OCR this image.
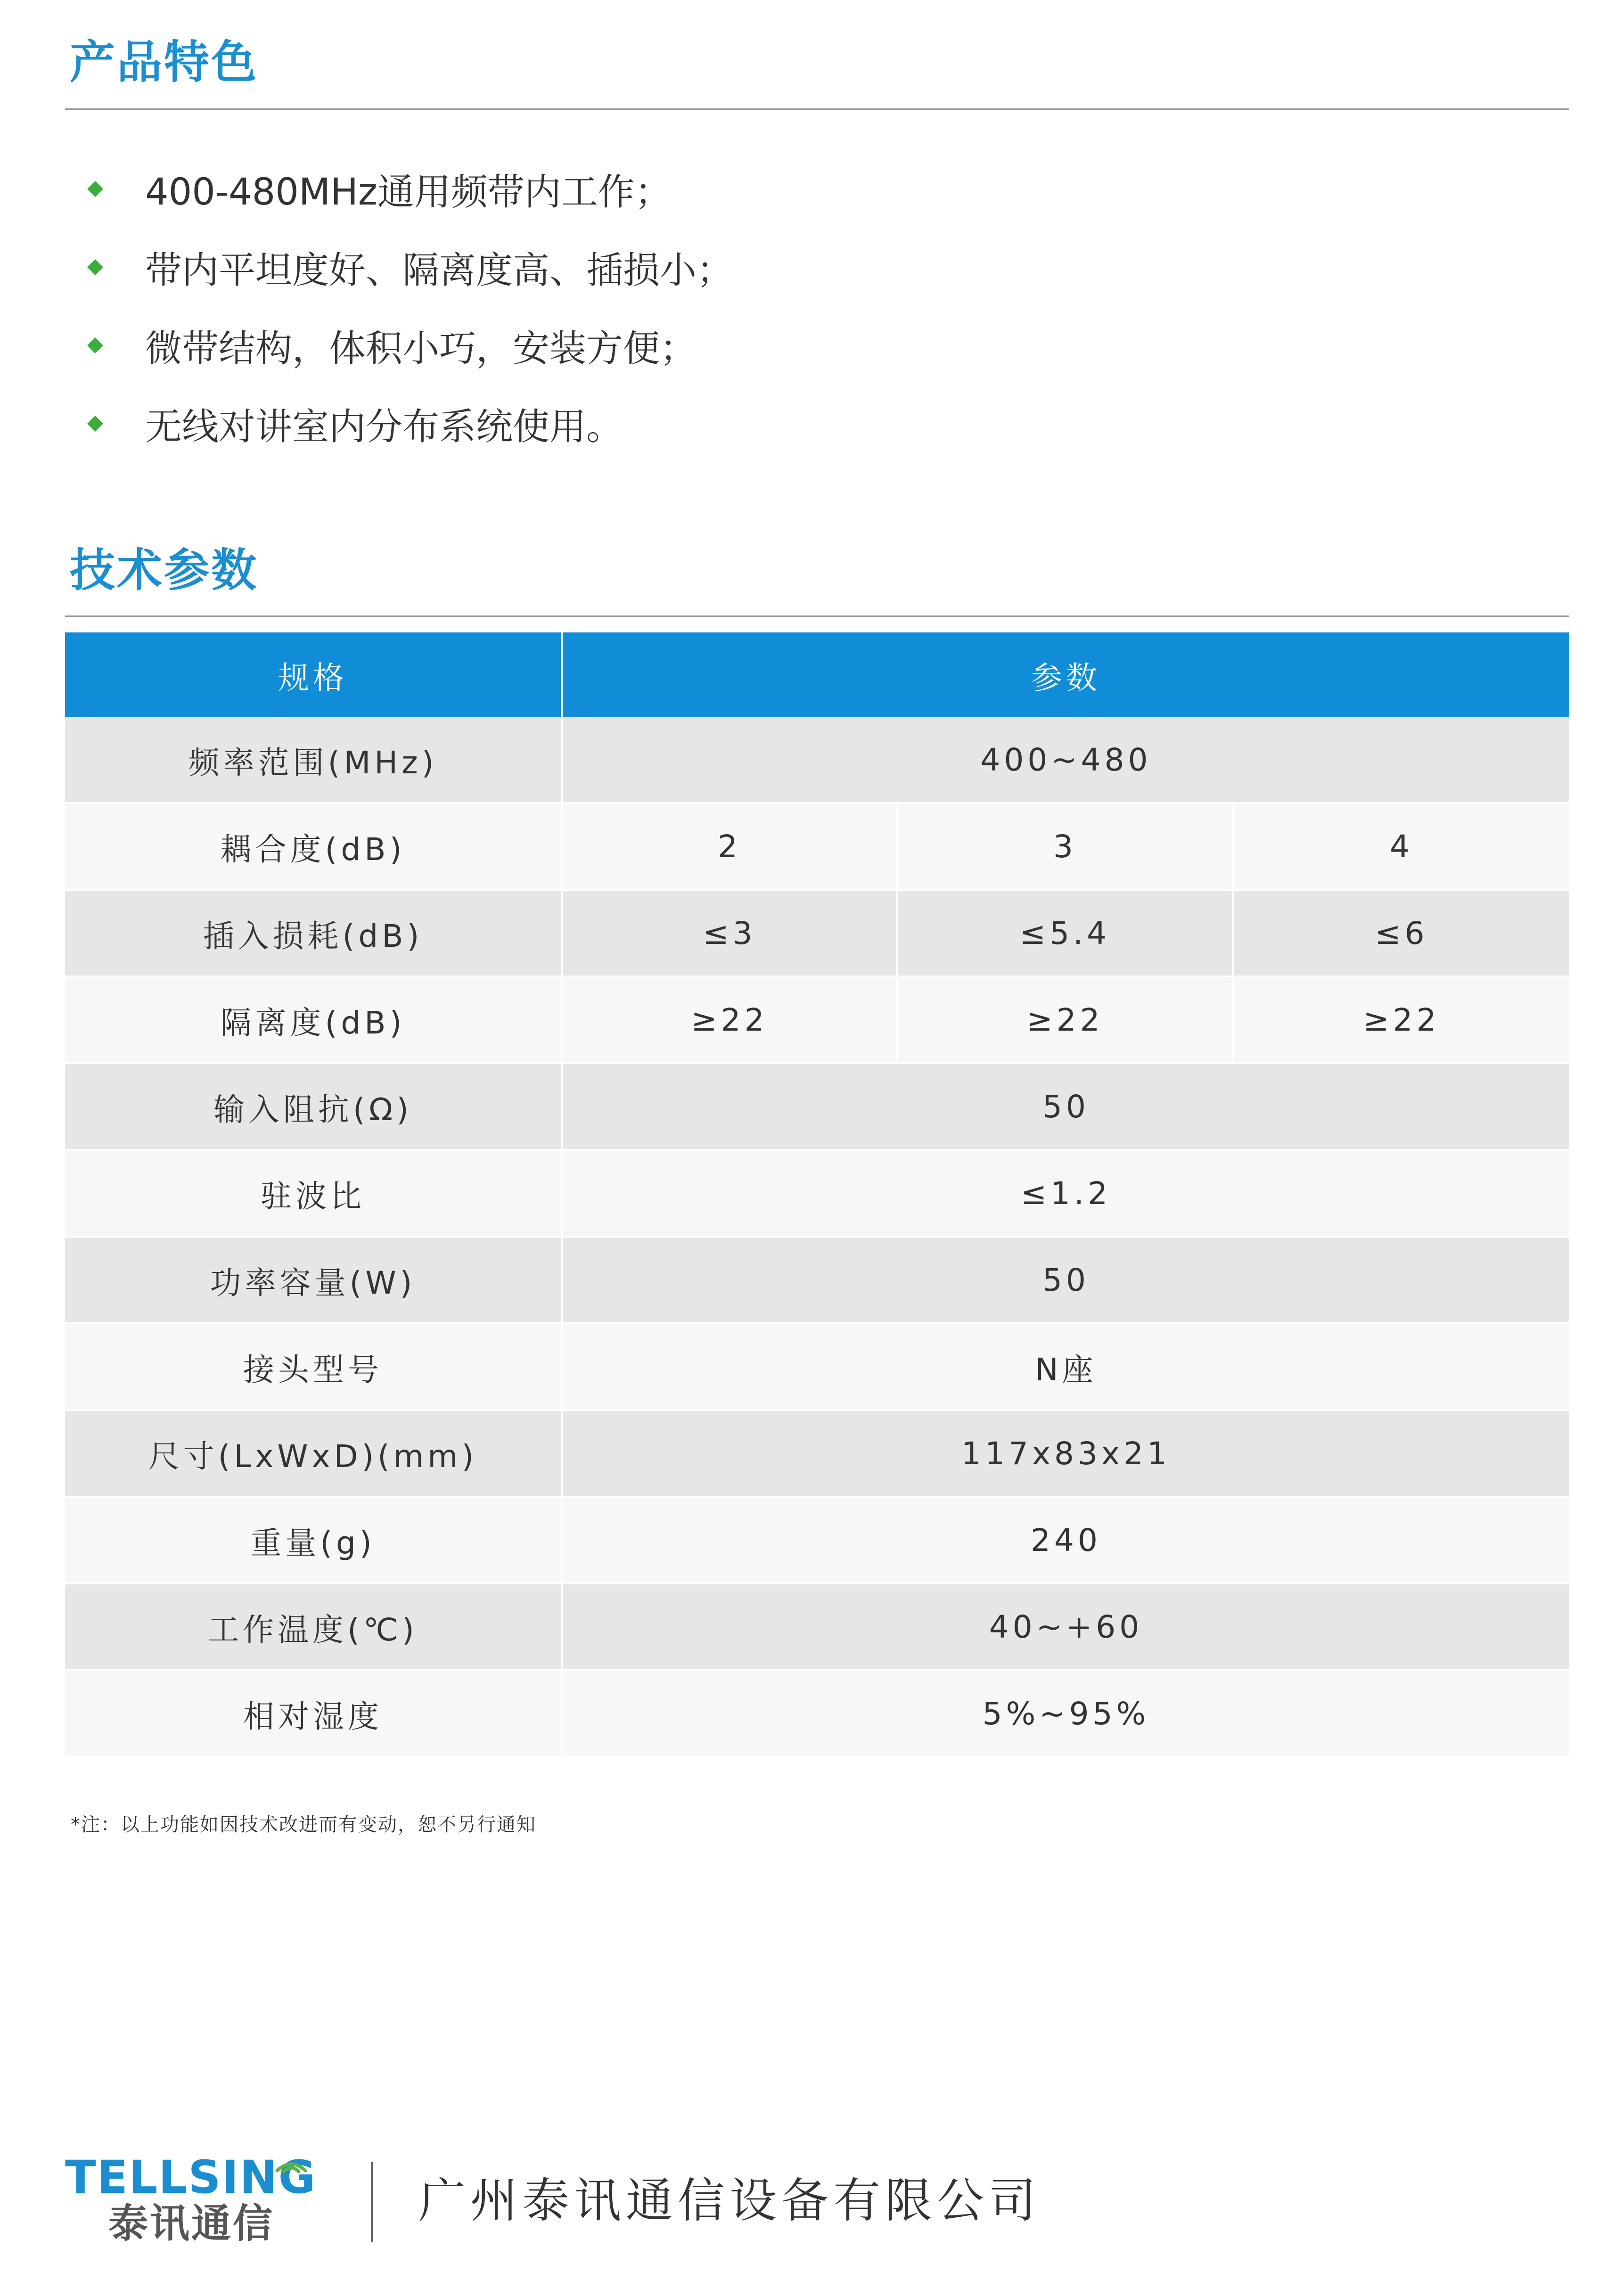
产品特色
400-480MHz通用频带内工作；
带内平坦度好、隔离度高、插损小；
微带结构，体积小巧，安装方便；
无线对讲室内分布系统使用。
技术参数
规格	参数		
频率范围(MHz)	400~480		
耦合度(dB)	2	3	4
插入损耗(dB)	≤3	≤5.4	≤6
隔离度(dB)	≥22	≥22	≥22
输入阻抗(Ω)	50		
驻波比	≤1.2		
功率容量(W)	50		
接头型号	N座		
尺寸(LxWxD)(mm)	117x83x21		
重量(g)	240		
工作温度(℃)	40~+60		
相对湿度	5%~95%		
*注：以上功能如因技术改进而有变动，恕不另行通知
TELLSING
泰讯通信	广州泰讯通信设备有限公司
